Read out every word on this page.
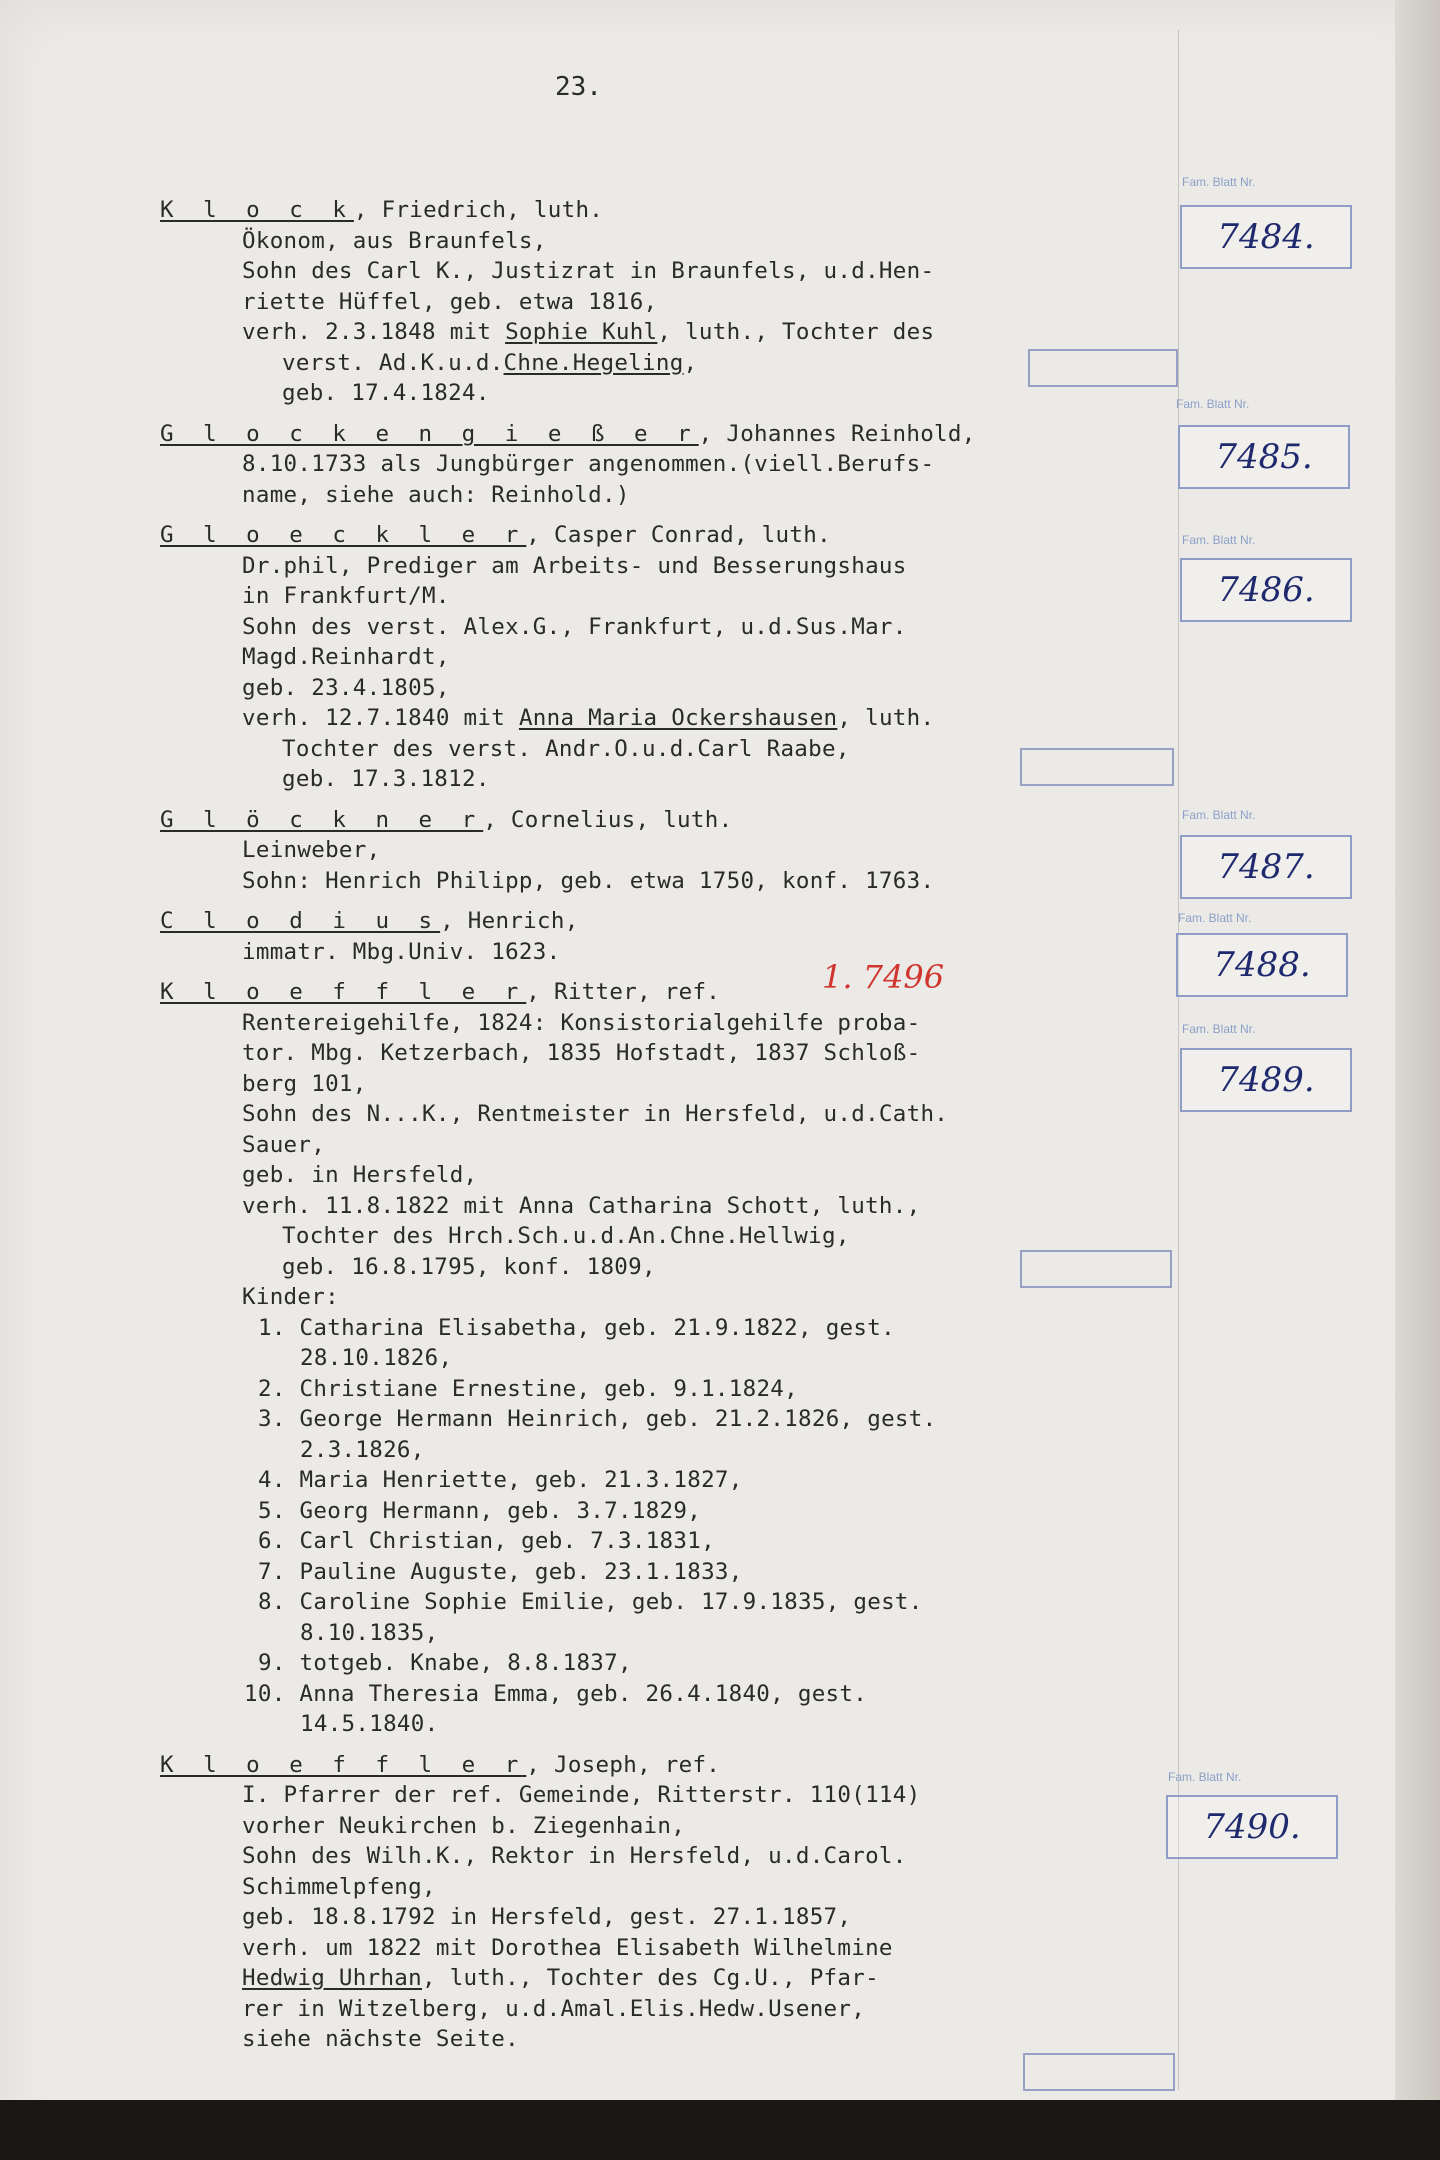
23.
K l o c k, Friedrich, luth.
Ökonom, aus Braunfels,
Sohn des Carl K., Justizrat in Braunfels, u.d.Hen-
riette Hüffel, geb. etwa 1816,
verh. 2.3.1848 mit Sophie Kuhl, luth., Tochter des
verst. Ad.K.u.d.Chne.Hegeling,
geb. 17.4.1824.
G l o c k e n g i e ß e r, Johannes Reinhold,
8.10.1733 als Jungbürger angenommen.(viell.Berufs-
name, siehe auch: Reinhold.)
G l o e c k l e r, Casper Conrad, luth.
Dr.phil, Prediger am Arbeits- und Besserungshaus
in Frankfurt/M.
Sohn des verst. Alex.G., Frankfurt, u.d.Sus.Mar.
Magd.Reinhardt,
geb. 23.4.1805,
verh. 12.7.1840 mit Anna Maria Ockershausen, luth.
Tochter des verst. Andr.O.u.d.Carl Raabe,
geb. 17.3.1812.
G l ö c k n e r, Cornelius, luth.
Leinweber,
Sohn: Henrich Philipp, geb. etwa 1750, konf. 1763.
C l o d i u s, Henrich,
immatr. Mbg.Univ. 1623.
K l o e f f l e r, Ritter, ref.
Rentereigehilfe, 1824: Konsistorialgehilfe proba-
tor. Mbg. Ketzerbach, 1835 Hofstadt, 1837 Schloß-
berg 101,
Sohn des N...K., Rentmeister in Hersfeld, u.d.Cath.
Sauer,
geb. in Hersfeld,
verh. 11.8.1822 mit Anna Catharina Schott, luth.,
Tochter des Hrch.Sch.u.d.An.Chne.Hellwig,
geb. 16.8.1795, konf. 1809,
Kinder:
1. Catharina Elisabetha, geb. 21.9.1822, gest.
28.10.1826,
2. Christiane Ernestine, geb. 9.1.1824,
3. George Hermann Heinrich, geb. 21.2.1826, gest.
2.3.1826,
4. Maria Henriette, geb. 21.3.1827,
5. Georg Hermann, geb. 3.7.1829,
6. Carl Christian, geb. 7.3.1831,
7. Pauline Auguste, geb. 23.1.1833,
8. Caroline Sophie Emilie, geb. 17.9.1835, gest.
8.10.1835,
9. totgeb. Knabe, 8.8.1837,
10. Anna Theresia Emma, geb. 26.4.1840, gest.
14.5.1840.
K l o e f f l e r, Joseph, ref.
I. Pfarrer der ref. Gemeinde, Ritterstr. 110(114)
vorher Neukirchen b. Ziegenhain,
Sohn des Wilh.K., Rektor in Hersfeld, u.d.Carol.
Schimmelpfeng,
geb. 18.8.1792 in Hersfeld, gest. 27.1.1857,
verh. um 1822 mit Dorothea Elisabeth Wilhelmine
Hedwig Uhrhan, luth., Tochter des Cg.U., Pfar-
rer in Witzelberg, u.d.Amal.Elis.Hedw.Usener,
siehe nächste Seite.
1. 7496
Fam. Blatt Nr.
7484.
Fam. Blatt Nr.
7485.
Fam. Blatt Nr.
7486.
Fam. Blatt Nr.
7487.
Fam. Blatt Nr.
7488.
Fam. Blatt Nr.
7489.
Fam. Blatt Nr.
7490.
